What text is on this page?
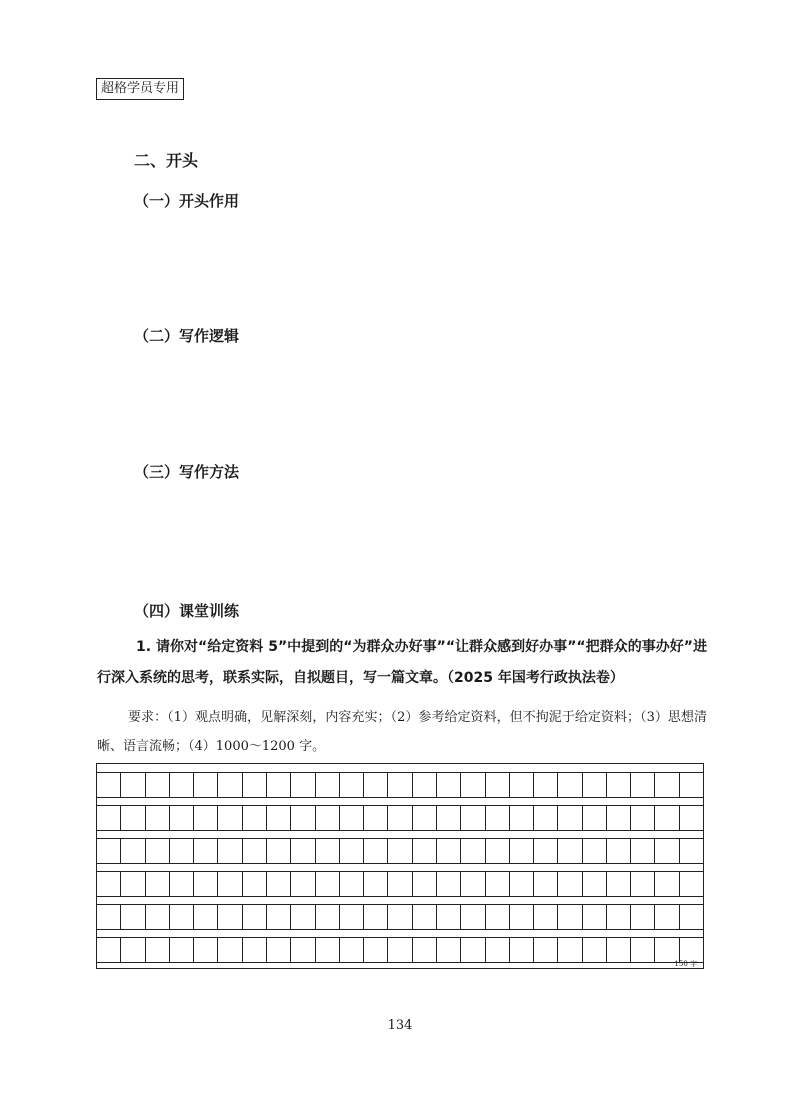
超格学员专用
二、开头
（一）开头作用
（二）写作逻辑
（三）写作方法
（四）课堂训练
1. 请你对“给定资料 5”中提到的“为群众办好事”“让群众感到好办事”“把群众的事办好”进行深入系统的思考，联系实际，自拟题目，写一篇文章。（2025 年国考行政执法卷）
要求：（1）观点明确，见解深刻，内容充实；（2）参考给定资料，但不拘泥于给定资料；（3）思想清晰、语言流畅；（4）1000～1200 字。
150 字
134
